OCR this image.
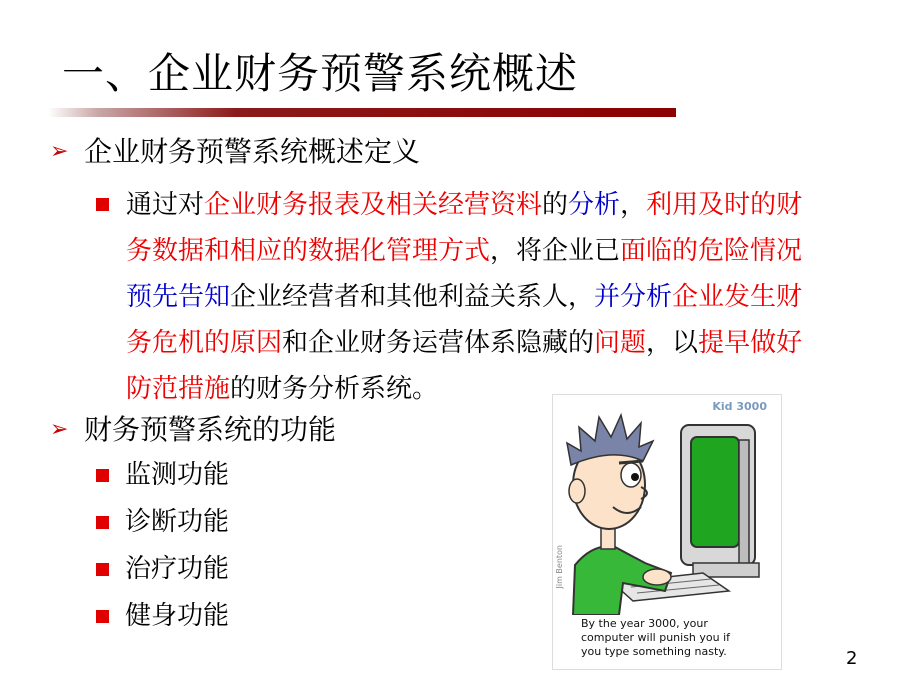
一、企业财务预警系统概述
➢ 企业财务预警系统概述定义
通过对企业财务报表及相关经营资料的分析，利用及时的财
务数据和相应的数据化管理方式，将企业已面临的危险情况
预先告知企业经营者和其他利益关系人，并分析企业发生财
务危机的原因和企业财务运营体系隐藏的问题，以提早做好
防范措施的财务分析系统。
➢ 财务预警系统的功能
监测功能
诊断功能
治疗功能
健身功能
Kid 3000
Jim Benton
By the year 3000, your
computer will punish you if
you type something nasty.	2
